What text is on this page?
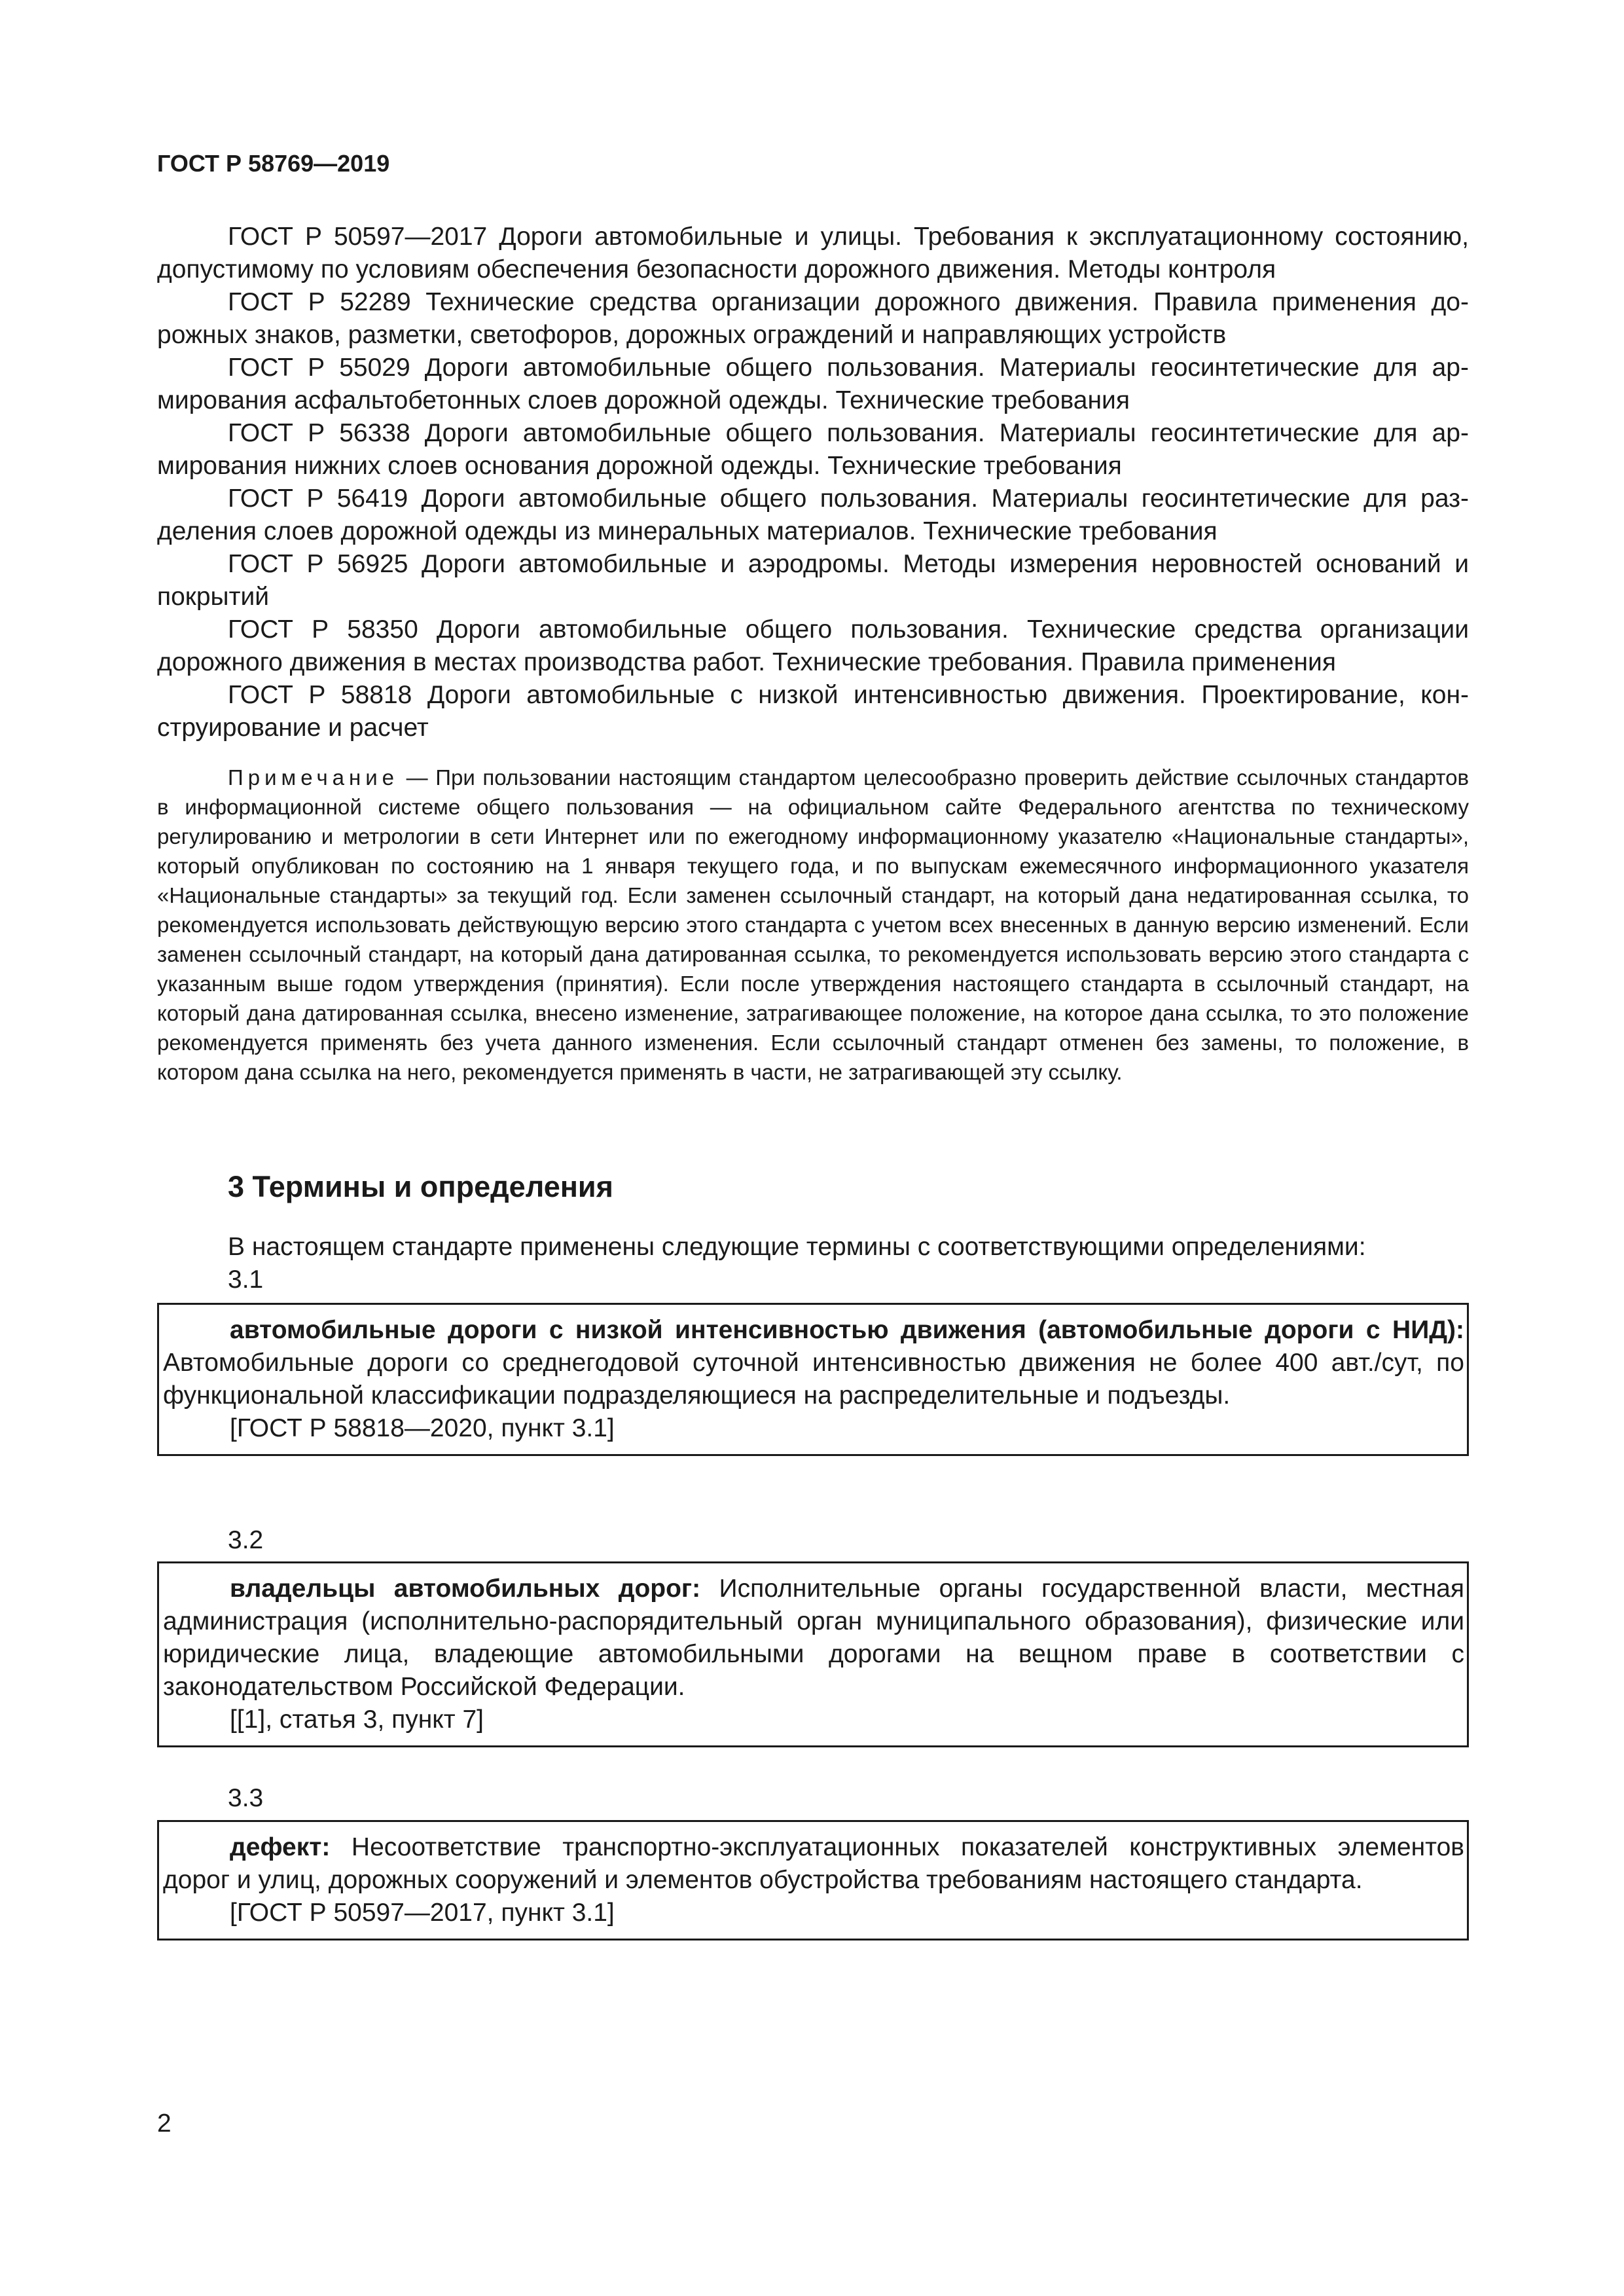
ГОСТ Р 58769—2019

ГОСТ Р 50597—2017 Дороги автомобильные и улицы. Требования к эксплуатационному состоянию, допустимому по условиям обеспечения безопасности дорожного движения. Методы контроля

ГОСТ Р 52289 Технические средства организации дорожного движения. Правила применения дорожных знаков, разметки, светофоров, дорожных ограждений и направляющих устройств

ГОСТ Р 55029 Дороги автомобильные общего пользования. Материалы геосинтетические для армирования асфальтобетонных слоев дорожной одежды. Технические требования

ГОСТ Р 56338 Дороги автомобильные общего пользования. Материалы геосинтетические для армирования нижних слоев основания дорожной одежды. Технические требования

ГОСТ Р 56419 Дороги автомобильные общего пользования. Материалы геосинтетические для разделения слоев дорожной одежды из минеральных материалов. Технические требования

ГОСТ Р 56925 Дороги автомобильные и аэродромы. Методы измерения неровностей оснований и покрытий

ГОСТ Р 58350 Дороги автомобильные общего пользования. Технические средства организации дорожного движения в местах производства работ. Технические требования. Правила применения

ГОСТ Р 58818 Дороги автомобильные с низкой интенсивностью движения. Проектирование, конструирование и расчет

Примечание — При пользовании настоящим стандартом целесообразно проверить действие ссылочных стандартов в информационной системе общего пользования — на официальном сайте Федерального агентства по техническому регулированию и метрологии в сети Интернет или по ежегодному информационному указателю «Национальные стандарты», который опубликован по состоянию на 1 января текущего года, и по выпускам ежемесячного информационного указателя «Национальные стандарты» за текущий год. Если заменен ссылочный стандарт, на который дана недатированная ссылка, то рекомендуется использовать действующую версию этого стандарта с учетом всех внесенных в данную версию изменений. Если заменен ссылочный стандарт, на который дана датированная ссылка, то рекомендуется использовать версию этого стандарта с указанным выше годом утверждения (принятия). Если после утверждения настоящего стандарта в ссылочный стандарт, на который дана датированная ссылка, внесено изменение, затрагивающее положение, на которое дана ссылка, то это положение рекомендуется применять без учета данного изменения. Если ссылочный стандарт отменен без замены, то положение, в котором дана ссылка на него, рекомендуется применять в части, не затрагивающей эту ссылку.

3 Термины и определения
В настоящем стандарте применены следующие термины с соответствующими определениями:
3.1

автомобильные дороги с низкой интенсивностью движения (автомобильные дороги с НИД): Автомобильные дороги со среднегодовой суточной интенсивностью движения не более 400 авт./сут, по функциональной классификации подразделяющиеся на распределительные и подъезды.

[ГОСТ Р 58818—2020, пункт 3.1]

3.2

владельцы автомобильных дорог: Исполнительные органы государственной власти, местная администрация (исполнительно-распорядительный орган муниципального образования), физические или юридические лица, владеющие автомобильными дорогами на вещном праве в соответствии с законодательством Российской Федерации.

[[1], статья 3, пункт 7]

3.3

дефект: Несоответствие транспортно-эксплуатационных показателей конструктивных элементов дорог и улиц, дорожных сооружений и элементов обустройства требованиям настоящего стандарта.

[ГОСТ Р 50597—2017, пункт 3.1]

2
